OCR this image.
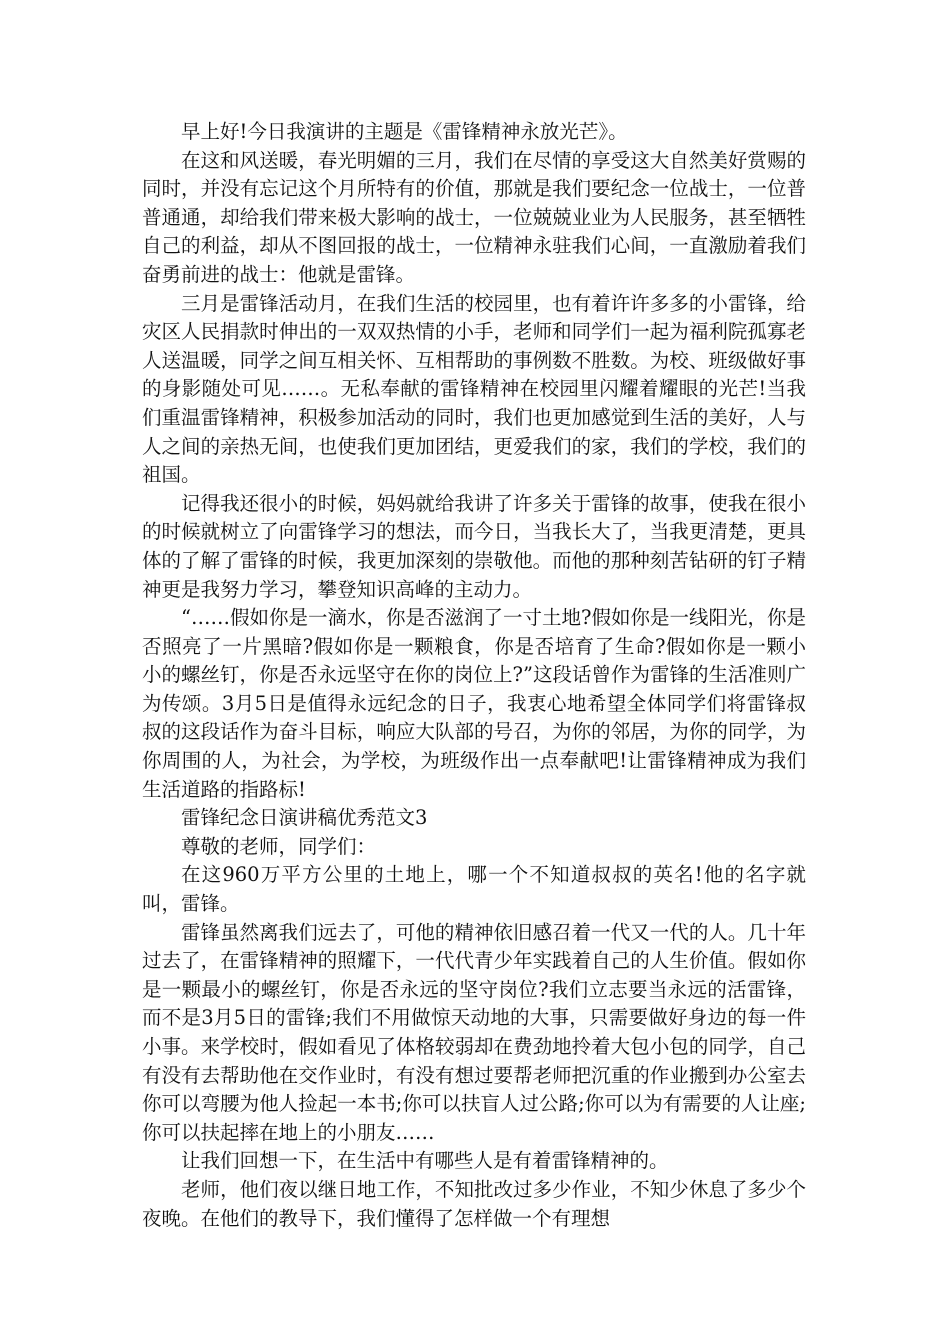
早上好!今日我演讲的主题是《雷锋精神永放光芒》。

在这和风送暖，春光明媚的三月，我们在尽情的享受这大自然美好赏赐的同时，并没有忘记这个月所特有的价值，那就是我们要纪念一位战士，一位普普通通，却给我们带来极大影响的战士，一位兢兢业业为人民服务，甚至牺牲自己的利益，却从不图回报的战士，一位精神永驻我们心间，一直激励着我们奋勇前进的战士：他就是雷锋。

三月是雷锋活动月，在我们生活的校园里，也有着许许多多的小雷锋，给灾区人民捐款时伸出的一双双热情的小手，老师和同学们一起为福利院孤寡老人送温暖，同学之间互相关怀、互相帮助的事例数不胜数。为校、班级做好事的身影随处可见……。无私奉献的雷锋精神在校园里闪耀着耀眼的光芒!当我们重温雷锋精神，积极参加活动的同时，我们也更加感觉到生活的美好，人与人之间的亲热无间，也使我们更加团结，更爱我们的家，我们的学校，我们的祖国。

记得我还很小的时候，妈妈就给我讲了许多关于雷锋的故事，使我在很小的时候就树立了向雷锋学习的想法，而今日，当我长大了，当我更清楚，更具体的了解了雷锋的时候，我更加深刻的崇敬他。而他的那种刻苦钻研的钉子精神更是我努力学习，攀登知识高峰的主动力。

“……假如你是一滴水，你是否滋润了一寸土地?假如你是一线阳光，你是否照亮了一片黑暗?假如你是一颗粮食，你是否培育了生命?假如你是一颗小小的螺丝钉，你是否永远坚守在你的岗位上?”这段话曾作为雷锋的生活准则广为传颂。3月5日是值得永远纪念的日子，我衷心地希望全体同学们将雷锋叔叔的这段话作为奋斗目标，响应大队部的号召，为你的邻居，为你的同学，为你周围的人，为社会，为学校，为班级作出一点奉献吧!让雷锋精神成为我们生活道路的指路标!

雷锋纪念日演讲稿优秀范文3

尊敬的老师，同学们：

在这960万平方公里的土地上，哪一个不知道叔叔的英名!他的名字就叫，雷锋。

雷锋虽然离我们远去了，可他的精神依旧感召着一代又一代的人。几十年过去了，在雷锋精神的照耀下，一代代青少年实践着自己的人生价值。假如你是一颗最小的螺丝钉，你是否永远的坚守岗位?我们立志要当永远的活雷锋，而不是3月5日的雷锋;我们不用做惊天动地的大事，只需要做好身边的每一件小事。来学校时，假如看见了体格较弱却在费劲地拎着大包小包的同学，自己有没有去帮助他在交作业时，有没有想过要帮老师把沉重的作业搬到办公室去你可以弯腰为他人捡起一本书;你可以扶盲人过公路;你可以为有需要的人让座;你可以扶起摔在地上的小朋友……

让我们回想一下，在生活中有哪些人是有着雷锋精神的。

老师，他们夜以继日地工作，不知批改过多少作业，不知少休息了多少个夜晚。在他们的教导下，我们懂得了怎样做一个有理想
